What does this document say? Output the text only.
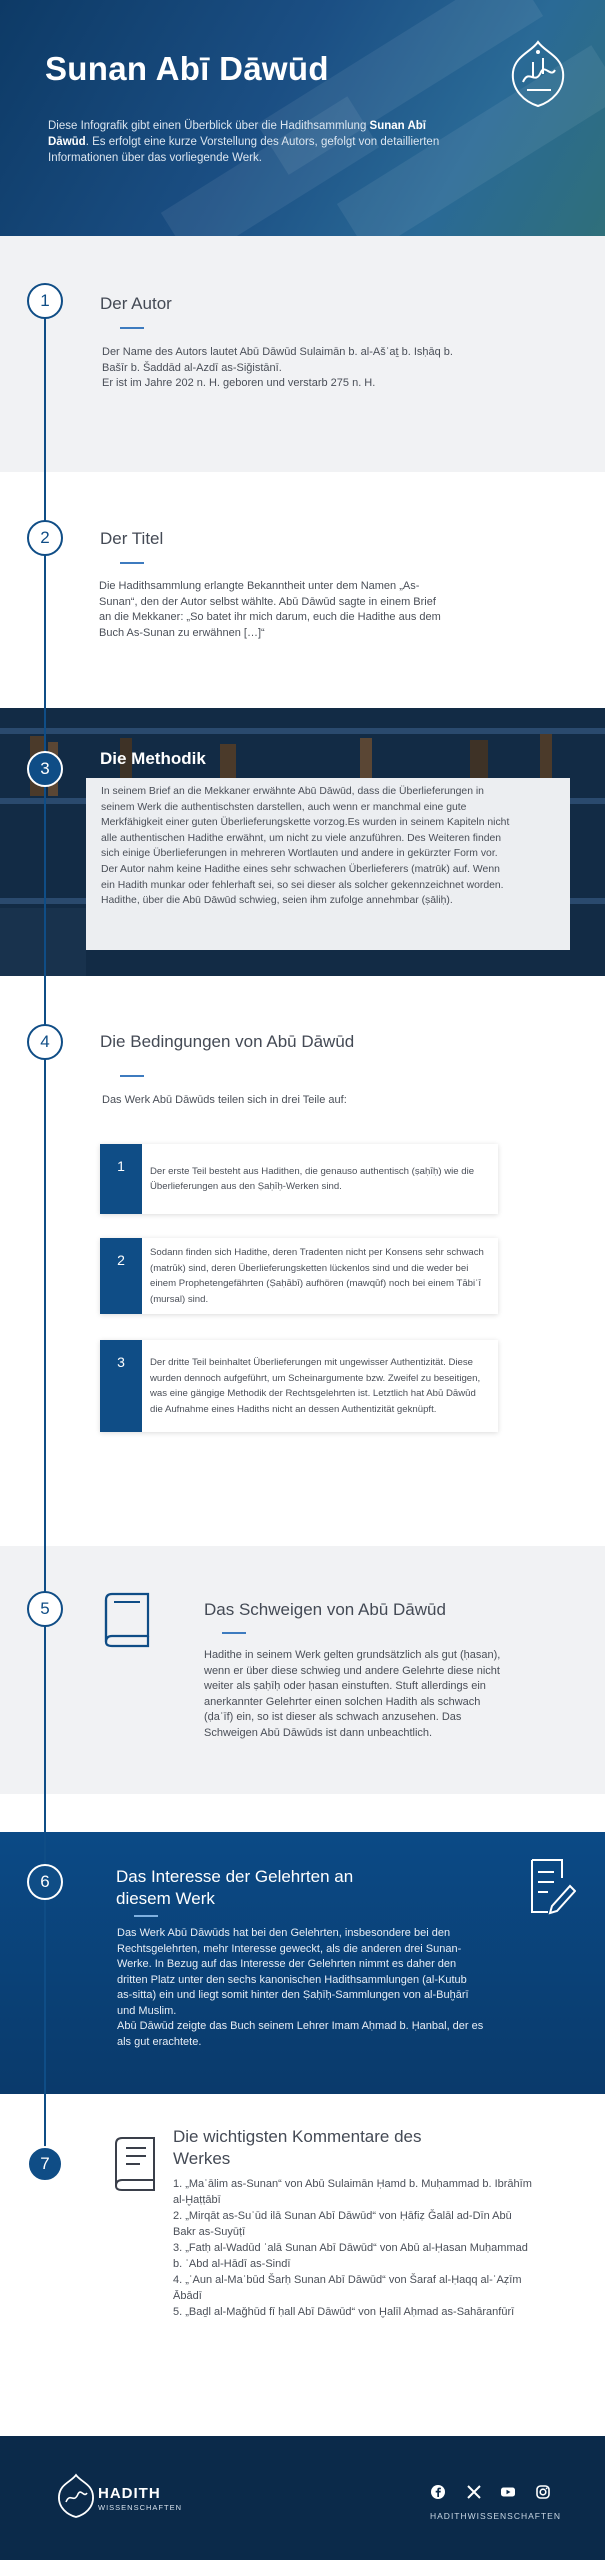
Sunan Abī Dāwūd

Diese Infografik gibt einen Überblick über die Hadithsammlung Sunan Abī Dāwūd. Es erfolgt eine kurze Vorstellung des Autors, gefolgt von detaillierten Informationen über das vorliegende Werk.

1	Der Autor

Der Name des Autors lautet Abū Dāwūd Sulaimān b. al-Ašʿaṯ b. Isḥāq b.

Bašīr b. Šaddād al-Azdī as-Siǧistānī.

Er ist im Jahre 202 n. H. geboren und verstarb 275 n. H.

2	Der Titel

Die Hadithsammlung erlangte Bekanntheit unter dem Namen „As-

Sunan“, den der Autor selbst wählte. Abū Dāwūd sagte in einem Brief

an die Mekkaner: „So batet ihr mich darum, euch die Hadithe aus dem

Buch As-Sunan zu erwähnen […]“

3
Die Methodik

In seinem Brief an die Mekkaner erwähnte Abū Dāwūd, dass die Überlieferungen in

seinem Werk die authentischsten darstellen, auch wenn er manchmal eine gute

Merkfähigkeit einer guten Überlieferungskette vorzog.Es wurden in seinem Kapiteln nicht

alle authentischen Hadithe erwähnt, um nicht zu viele anzuführen. Des Weiteren finden

sich einige Überlieferungen in mehreren Wortlauten und andere in gekürzter Form vor.

Der Autor nahm keine Hadithe eines sehr schwachen Überlieferers (matrūk) auf. Wenn

ein Hadith munkar oder fehlerhaft sei, so sei dieser als solcher gekennzeichnet worden.

Hadithe, über die Abū Dāwūd schwieg, seien ihm zufolge annehmbar (ṣāliḥ).

4	Die Bedingungen von Abū Dāwūd
Das Werk Abū Dāwūds teilen sich in drei Teile auf:
1	Der erste Teil besteht aus Hadithen, die genauso authentisch (ṣaḥīḥ) wie die Überlieferungen aus den Ṣaḥīḥ-Werken sind.
2	Sodann finden sich Hadithe, deren Tradenten nicht per Konsens sehr schwach (matrūk) sind, deren Überlieferungsketten lückenlos sind und die weder bei einem Prophetengefährten (Ṣaḥābī) aufhören (mawqūf) noch bei einem Tābiʿī (mursal) sind.
3	Der dritte Teil beinhaltet Überlieferungen mit ungewisser Authentizität. Diese wurden dennoch aufgeführt, um Scheinargumente bzw. Zweifel zu beseitigen, was eine gängige Methodik der Rechtsgelehrten ist. Letztlich hat Abū Dāwūd die Aufnahme eines Hadiths nicht an dessen Authentizität geknüpft.
5	Das Schweigen von Abū Dāwūd

Hadithe in seinem Werk gelten grundsätzlich als gut (ḥasan),

wenn er über diese schwieg und andere Gelehrte diese nicht

weiter als ṣaḥīḥ oder ḥasan einstuften. Stuft allerdings ein

anerkannter Gelehrter einen solchen Hadith als schwach

(ḍaʿīf) ein, so ist dieser als schwach anzusehen. Das

Schweigen Abū Dāwūds ist dann unbeachtlich.

6	Das Interesse der Gelehrten an
diesem Werk

Das Werk Abū Dāwūds hat bei den Gelehrten, insbesondere bei den

Rechtsgelehrten, mehr Interesse geweckt, als die anderen drei Sunan-

Werke. In Bezug auf das Interesse der Gelehrten nimmt es daher den

dritten Platz unter den sechs kanonischen Hadithsammlungen (al-Kutub

as-sitta) ein und liegt somit hinter den Ṣaḥīḥ-Sammlungen von al-Buḫārī

und Muslim.

Abū Dāwūd zeigte das Buch seinem Lehrer Imam Aḥmad b. Ḥanbal, der es

als gut erachtete.

7
Die wichtigsten Kommentare des
Werkes

1. „Maʿālim as-Sunan“ von Abū Sulaimān Ḥamd b. Muḥammad b. Ibrāhīm

al-Ḫaṭṭābī

2. „Mirqāt as-Suʿūd ilā Sunan Abī Dāwūd“ von Ḥāfiẓ Ǧalāl ad-Dīn Abū

Bakr as-Suyūṭī

3. „Fatḥ al-Wadūd ʿalā Sunan Abī Dāwūd“ von Abū al-Ḥasan Muḥammad

b. ʿAbd al-Hādī as-Sindī

4. „ʿAun al-Maʿbūd Šarḥ Sunan Abī Dāwūd“ von Šaraf al-Ḥaqq al-ʿAẓīm

Ābādī

5. „Baḏl al-Maǧhūd fī ḥall Abī Dāwūd“ von Ḫalīl Aḥmad as-Sahāranfūrī

HADITH
WISSENSCHAFTEN
HADITHWISSENSCHAFTEN
